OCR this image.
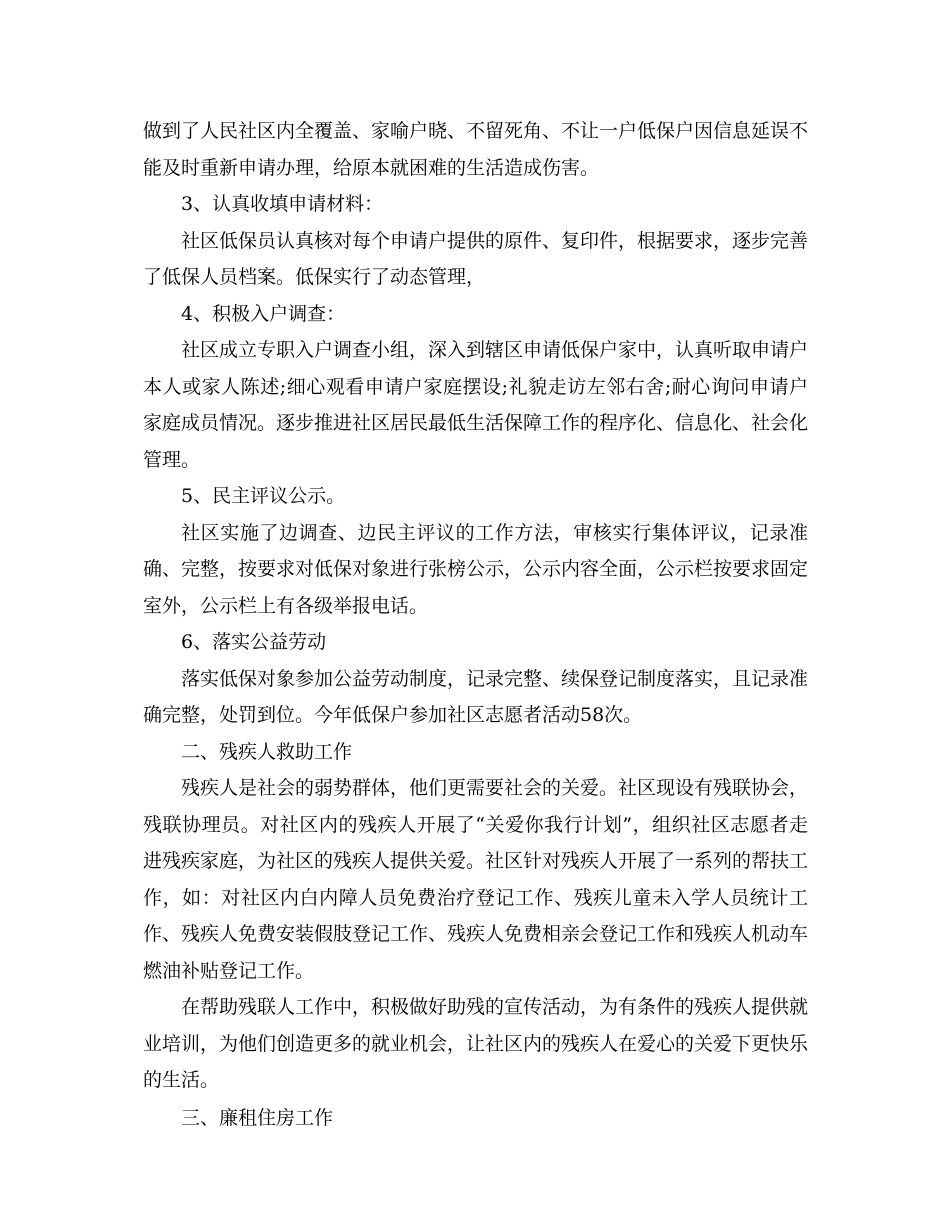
做到了人民社区内全覆盖、家喻户晓、不留死角、不让一户低保户因信息延误不能及时重新申请办理，给原本就困难的生活造成伤害。

3、认真收填申请材料：

社区低保员认真核对每个申请户提供的原件、复印件，根据要求，逐步完善了低保人员档案。低保实行了动态管理，

4、积极入户调查：

社区成立专职入户调查小组，深入到辖区申请低保户家中，认真听取申请户本人或家人陈述;细心观看申请户家庭摆设;礼貌走访左邻右舍;耐心询问申请户家庭成员情况。逐步推进社区居民最低生活保障工作的程序化、信息化、社会化管理。

5、民主评议公示。

社区实施了边调查、边民主评议的工作方法，审核实行集体评议，记录准确、完整，按要求对低保对象进行张榜公示，公示内容全面，公示栏按要求固定室外，公示栏上有各级举报电话。

6、落实公益劳动

落实低保对象参加公益劳动制度，记录完整、续保登记制度落实，且记录准确完整，处罚到位。今年低保户参加社区志愿者活动58次。

二、残疾人救助工作

残疾人是社会的弱势群体，他们更需要社会的关爱。社区现设有残联协会，残联协理员。对社区内的残疾人开展了“关爱你我行计划”，组织社区志愿者走进残疾家庭，为社区的残疾人提供关爱。社区针对残疾人开展了一系列的帮扶工作，如：对社区内白内障人员免费治疗登记工作、残疾儿童未入学人员统计工作、残疾人免费安装假肢登记工作、残疾人免费相亲会登记工作和残疾人机动车燃油补贴登记工作。

在帮助残联人工作中，积极做好助残的宣传活动，为有条件的残疾人提供就业培训，为他们创造更多的就业机会，让社区内的残疾人在爱心的关爱下更快乐的生活。

三、廉租住房工作
